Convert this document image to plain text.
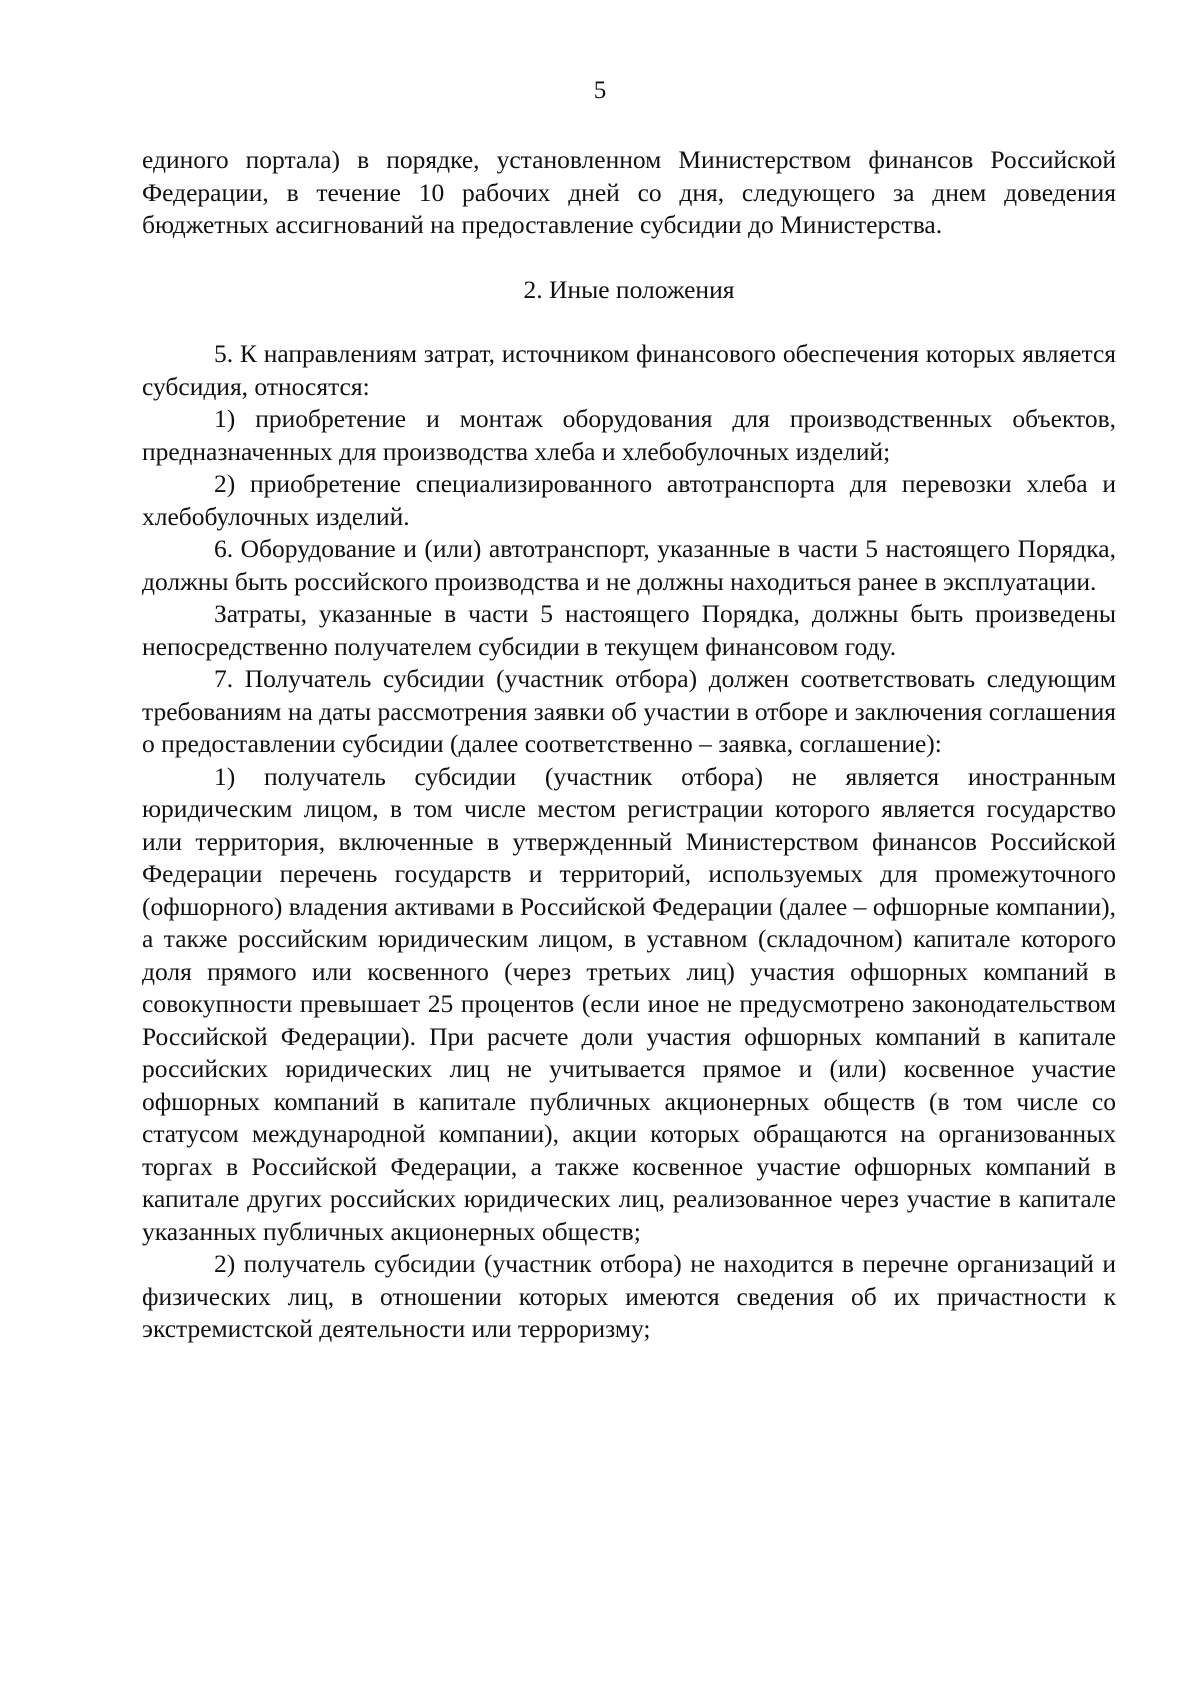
5

единого портала) в порядке, установленном Министерством финансов Российской Федерации, в течение 10 рабочих дней со дня, следующего за днем доведения бюджетных ассигнований на предоставление субсидии до Министерства.

2. Иные положения

5. К направлениям затрат, источником финансового обеспечения которых является субсидия, относятся:

1) приобретение и монтаж оборудования для производственных объектов, предназначенных для производства хлеба и хлебобулочных изделий;

2) приобретение специализированного автотранспорта для перевозки хлеба и хлебобулочных изделий.

6. Оборудование и (или) автотранспорт, указанные в части 5 настоящего Порядка, должны быть российского производства и не должны находиться ранее в эксплуатации.

Затраты, указанные в части 5 настоящего Порядка, должны быть произведены непосредственно получателем субсидии в текущем финансовом году.

7. Получатель субсидии (участник отбора) должен соответствовать следующим требованиям на даты рассмотрения заявки об участии в отборе и заключения соглашения о предоставлении субсидии (далее соответственно – заявка, соглашение):

1) получатель субсидии (участник отбора) не является иностранным юридическим лицом, в том числе местом регистрации которого является государство или территория, включенные в утвержденный Министерством финансов Российской Федерации перечень государств и территорий, используемых для промежуточного (офшорного) владения активами в Российской Федерации (далее – офшорные компании), а также российским юридическим лицом, в уставном (складочном) капитале которого доля прямого или косвенного (через третьих лиц) участия офшорных компаний в совокупности превышает 25 процентов (если иное не предусмотрено законодательством Российской Федерации). При расчете доли участия офшорных компаний в капитале российских юридических лиц не учитывается прямое и (или) косвенное участие офшорных компаний в капитале публичных акционерных обществ (в том числе со статусом международной компании), акции которых обращаются на организованных торгах в Российской Федерации, а также косвенное участие офшорных компаний в капитале других российских юридических лиц, реализованное через участие в капитале указанных публичных акционерных обществ;

2) получатель субсидии (участник отбора) не находится в перечне организаций и физических лиц, в отношении которых имеются сведения об их причастности к экстремистской деятельности или терроризму;
